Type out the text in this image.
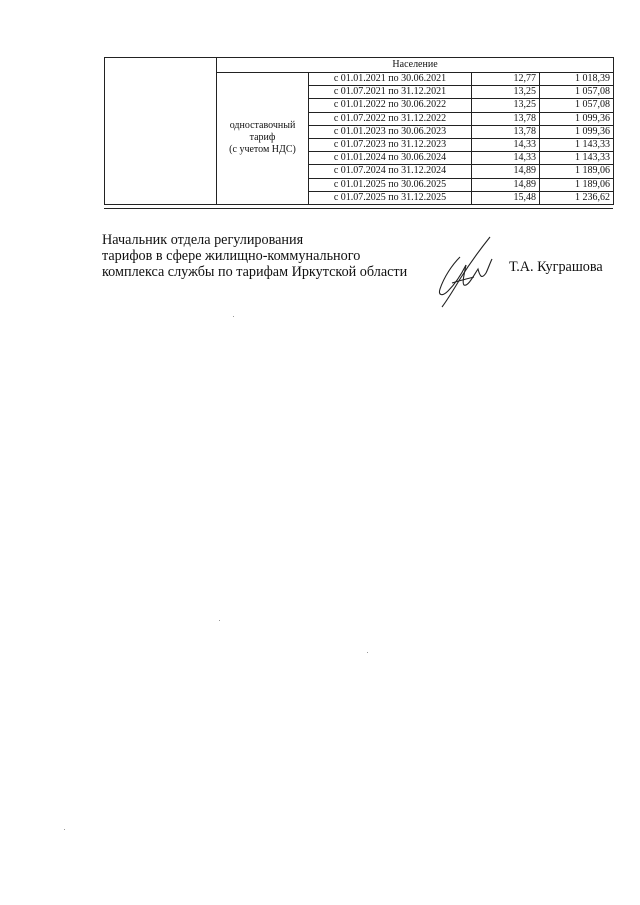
	Население			

	одноставочный
тариф
(с учетом НДС)	с 01.01.2021 по 30.06.2021	12,77	1 018,39
		с 01.07.2021 по 31.12.2021	13,25	1 057,08
		с 01.01.2022 по 30.06.2022	13,25	1 057,08
		с 01.07.2022 по 31.12.2022	13,78	1 099,36
		с 01.01.2023 по 30.06.2023	13,78	1 099,36
		с 01.07.2023 по 31.12.2023	14,33	1 143,33
		с 01.01.2024 по 30.06.2024	14,33	1 143,33
		с 01.07.2024 по 31.12.2024	14,89	1 189,06
		с 01.01.2025 по 30.06.2025	14,89	1 189,06
		с 01.07.2025 по 31.12.2025	15,48	1 236,62
Начальник отдела регулирования
тарифов в сфере жилищно-коммунального
комплекса службы по тарифам Иркутской области	Т.А. Куграшова
